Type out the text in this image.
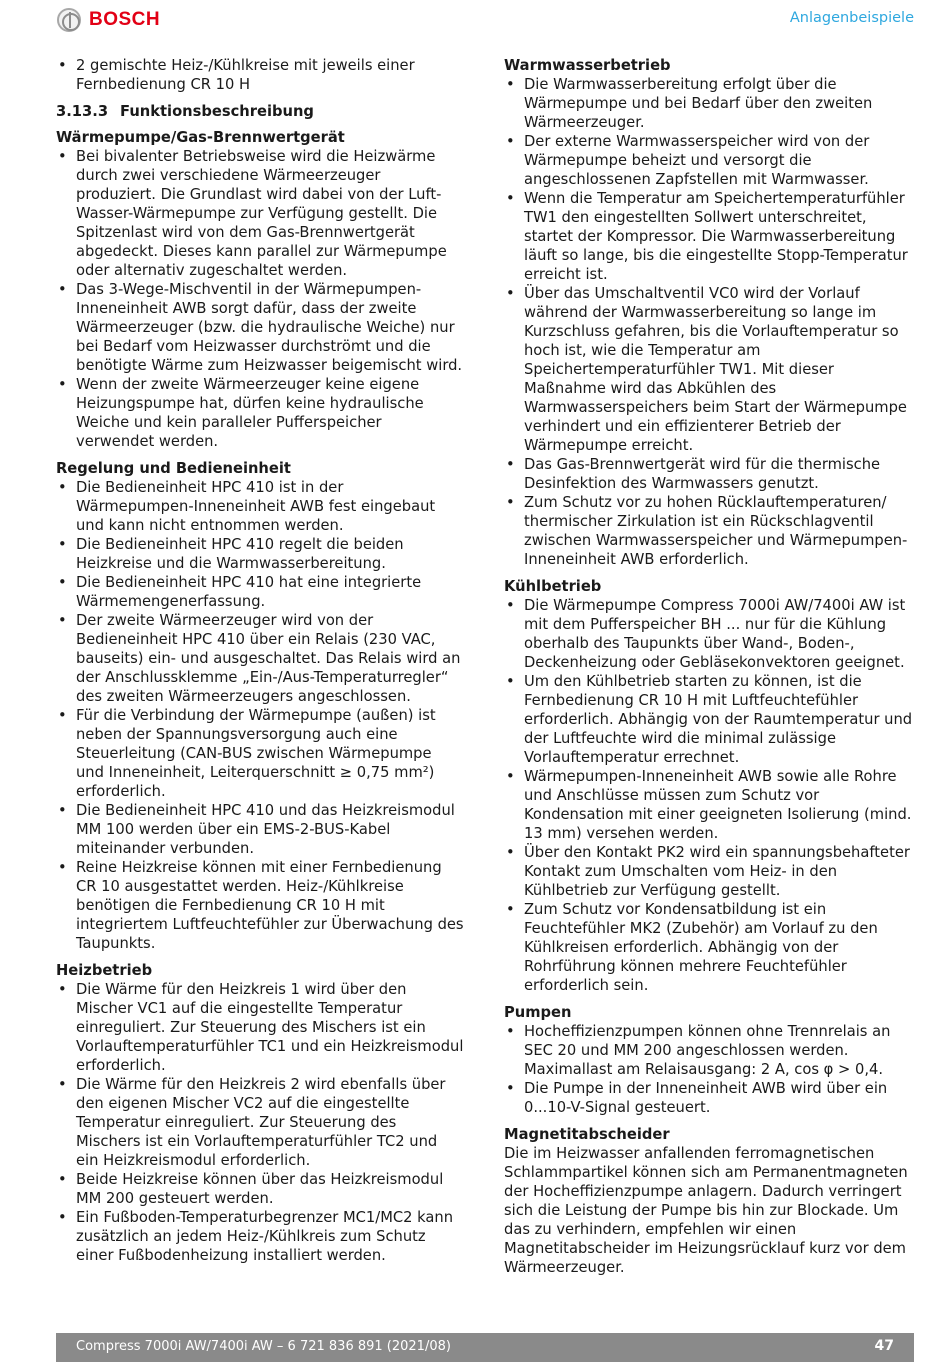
BOSCH	Anlagenbeispiele
• 2 gemischte Heiz-/Kühlkreise mit jeweils einer Fernbedienung CR 10 H

3.13.3 Funktionsbeschreibung

Wärmepumpe/Gas-Brennwertgerät

• Bei bivalenter Betriebsweise wird die Heizwärme durch zwei verschiedene Wärmeerzeuger produziert. Die Grundlast wird dabei von der Luft-Wasser-Wärmepumpe zur Verfügung gestellt. Die Spitzenlast wird von dem Gas-Brennwertgerät abgedeckt. Dieses kann parallel zur Wärmepumpe oder alternativ zugeschaltet werden.
• Das 3-Wege-Mischventil in der Wärmepumpen-Inneneinheit AWB sorgt dafür, dass der zweite Wärmeerzeuger (bzw. die hydraulische Weiche) nur bei Bedarf vom Heizwasser durchströmt und die benötigte Wärme zum Heizwasser beigemischt wird.
• Wenn der zweite Wärmeerzeuger keine eigene Heizungspumpe hat, dürfen keine hydraulische Weiche und kein paralleler Pufferspeicher verwendet werden.

Regelung und Bedieneinheit

• Die Bedieneinheit HPC 410 ist in der Wärmepumpen-Inneneinheit AWB fest eingebaut und kann nicht entnommen werden.
• Die Bedieneinheit HPC 410 regelt die beiden Heizkreise und die Warmwasserbereitung.
• Die Bedieneinheit HPC 410 hat eine integrierte Wärmemengenerfassung.
• Der zweite Wärmeerzeuger wird von der Bedieneinheit HPC 410 über ein Relais (230 VAC, bauseits) ein- und ausgeschaltet. Das Relais wird an der Anschlussklemme „Ein-/Aus-Temperaturregler“ des zweiten Wärmeerzeugers angeschlossen.
• Für die Verbindung der Wärmepumpe (außen) ist neben der Spannungsversorgung auch eine Steuerleitung (CAN-BUS zwischen Wärmepumpe und Inneneinheit, Leiterquerschnitt ≥ 0,75 mm²) erforderlich.
• Die Bedieneinheit HPC 410 und das Heizkreismodul MM 100 werden über ein EMS-2-BUS-Kabel miteinander verbunden.
• Reine Heizkreise können mit einer Fernbedienung CR 10 ausgestattet werden. Heiz-/Kühlkreise benötigen die Fernbedienung CR 10 H mit integriertem Luftfeuchtefühler zur Überwachung des Taupunkts.

Heizbetrieb

• Die Wärme für den Heizkreis 1 wird über den Mischer VC1 auf die eingestellte Temperatur einreguliert. Zur Steuerung des Mischers ist ein Vorlauftemperaturfühler TC1 und ein Heizkreismodul erforderlich.
• Die Wärme für den Heizkreis 2 wird ebenfalls über den eigenen Mischer VC2 auf die eingestellte Temperatur einreguliert. Zur Steuerung des Mischers ist ein Vorlauftemperaturfühler TC2 und ein Heizkreismodul erforderlich.
• Beide Heizkreise können über das Heizkreismodul MM 200 gesteuert werden.
• Ein Fußboden-Temperaturbegrenzer MC1/MC2 kann zusätzlich an jedem Heiz-/Kühlkreis zum Schutz einer Fußbodenheizung installiert werden.

Warmwasserbetrieb

• Die Warmwasserbereitung erfolgt über die Wärmepumpe und bei Bedarf über den zweiten Wärmeerzeuger.
• Der externe Warmwasserspeicher wird von der Wärmepumpe beheizt und versorgt die angeschlossenen Zapfstellen mit Warmwasser.
• Wenn die Temperatur am Speichertemperaturfühler TW1 den eingestellten Sollwert unterschreitet, startet der Kompressor. Die Warmwasserbereitung läuft so lange, bis die eingestellte Stopp-Temperatur erreicht ist.
• Über das Umschaltventil VC0 wird der Vorlauf während der Warmwasserbereitung so lange im Kurzschluss gefahren, bis die Vorlauftemperatur so hoch ist, wie die Temperatur am Speichertemperaturfühler TW1. Mit dieser Maßnahme wird das Abkühlen des Warmwasserspeichers beim Start der Wärmepumpe verhindert und ein effizienterer Betrieb der Wärmepumpe erreicht.
• Das Gas-Brennwertgerät wird für die thermische Desinfektion des Warmwassers genutzt.
• Zum Schutz vor zu hohen Rücklauftemperaturen/ thermischer Zirkulation ist ein Rückschlagventil zwischen Warmwasserspeicher und Wärmepumpen-Inneneinheit AWB erforderlich.

Kühlbetrieb

• Die Wärmepumpe Compress 7000i AW/7400i AW ist mit dem Pufferspeicher BH ... nur für die Kühlung oberhalb des Taupunkts über Wand-, Boden-, Deckenheizung oder Gebläsekonvektoren geeignet.
• Um den Kühlbetrieb starten zu können, ist die Fernbedienung CR 10 H mit Luftfeuchtefühler erforderlich. Abhängig von der Raumtemperatur und der Luftfeuchte wird die minimal zulässige Vorlauftemperatur errechnet.
• Wärmepumpen-Inneneinheit AWB sowie alle Rohre und Anschlüsse müssen zum Schutz vor Kondensation mit einer geeigneten Isolierung (mind. 13 mm) versehen werden.
• Über den Kontakt PK2 wird ein spannungsbehafteter Kontakt zum Umschalten vom Heiz- in den Kühlbetrieb zur Verfügung gestellt.
• Zum Schutz vor Kondensatbildung ist ein Feuchtefühler MK2 (Zubehör) am Vorlauf zu den Kühlkreisen erforderlich. Abhängig von der Rohrführung können mehrere Feuchtefühler erforderlich sein.

Pumpen

• Hocheffizienzpumpen können ohne Trennrelais an SEC 20 und MM 200 angeschlossen werden. Maximallast am Relaisausgang: 2 A, cos φ > 0,4.
• Die Pumpe in der Inneneinheit AWB wird über ein 0...10-V-Signal gesteuert.

Magnetitabscheider

Die im Heizwasser anfallenden ferromagnetischen Schlammpartikel können sich am Permanentmagneten der Hocheffizienzpumpe anlagern. Dadurch verringert sich die Leistung der Pumpe bis hin zur Blockade. Um das zu verhindern, empfehlen wir einen Magnetitabscheider im Heizungsrücklauf kurz vor dem Wärmeerzeuger.

Compress 7000i AW/7400i AW – 6 721 836 891 (2021/08)	47
